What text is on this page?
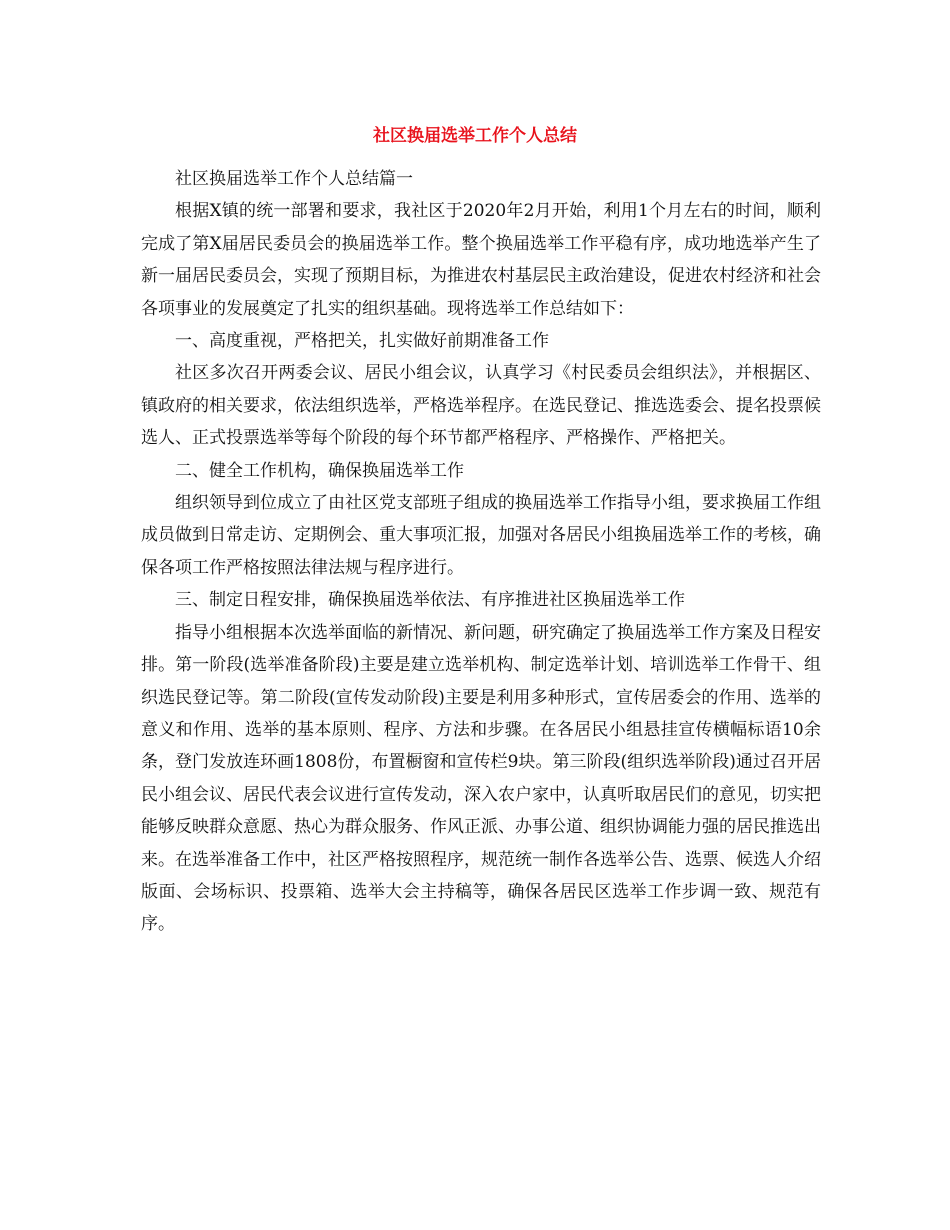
社区换届选举工作个人总结

社区换届选举工作个人总结篇一

根据X镇的统一部署和要求，我社区于2020年2月开始，利用1个月左右的时间，顺利完成了第X届居民委员会的换届选举工作。整个换届选举工作平稳有序，成功地选举产生了新一届居民委员会，实现了预期目标，为推进农村基层民主政治建设，促进农村经济和社会各项事业的发展奠定了扎实的组织基础。现将选举工作总结如下：

一、高度重视，严格把关，扎实做好前期准备工作

社区多次召开两委会议、居民小组会议，认真学习《村民委员会组织法》，并根据区、镇政府的相关要求，依法组织选举，严格选举程序。在选民登记、推选选委会、提名投票候选人、正式投票选举等每个阶段的每个环节都严格程序、严格操作、严格把关。

二、健全工作机构，确保换届选举工作

组织领导到位成立了由社区党支部班子组成的换届选举工作指导小组，要求换届工作组成员做到日常走访、定期例会、重大事项汇报，加强对各居民小组换届选举工作的考核，确保各项工作严格按照法律法规与程序进行。

三、制定日程安排，确保换届选举依法、有序推进社区换届选举工作

指导小组根据本次选举面临的新情况、新问题，研究确定了换届选举工作方案及日程安排。第一阶段(选举准备阶段)主要是建立选举机构、制定选举计划、培训选举工作骨干、组织选民登记等。第二阶段(宣传发动阶段)主要是利用多种形式，宣传居委会的作用、选举的意义和作用、选举的基本原则、程序、方法和步骤。在各居民小组悬挂宣传横幅标语10余条，登门发放连环画1808份，布置橱窗和宣传栏9块。第三阶段(组织选举阶段)通过召开居民小组会议、居民代表会议进行宣传发动，深入农户家中，认真听取居民们的意见，切实把能够反映群众意愿、热心为群众服务、作风正派、办事公道、组织协调能力强的居民推选出来。在选举准备工作中，社区严格按照程序，规范统一制作各选举公告、选票、候选人介绍版面、会场标识、投票箱、选举大会主持稿等，确保各居民区选举工作步调一致、规范有序。
